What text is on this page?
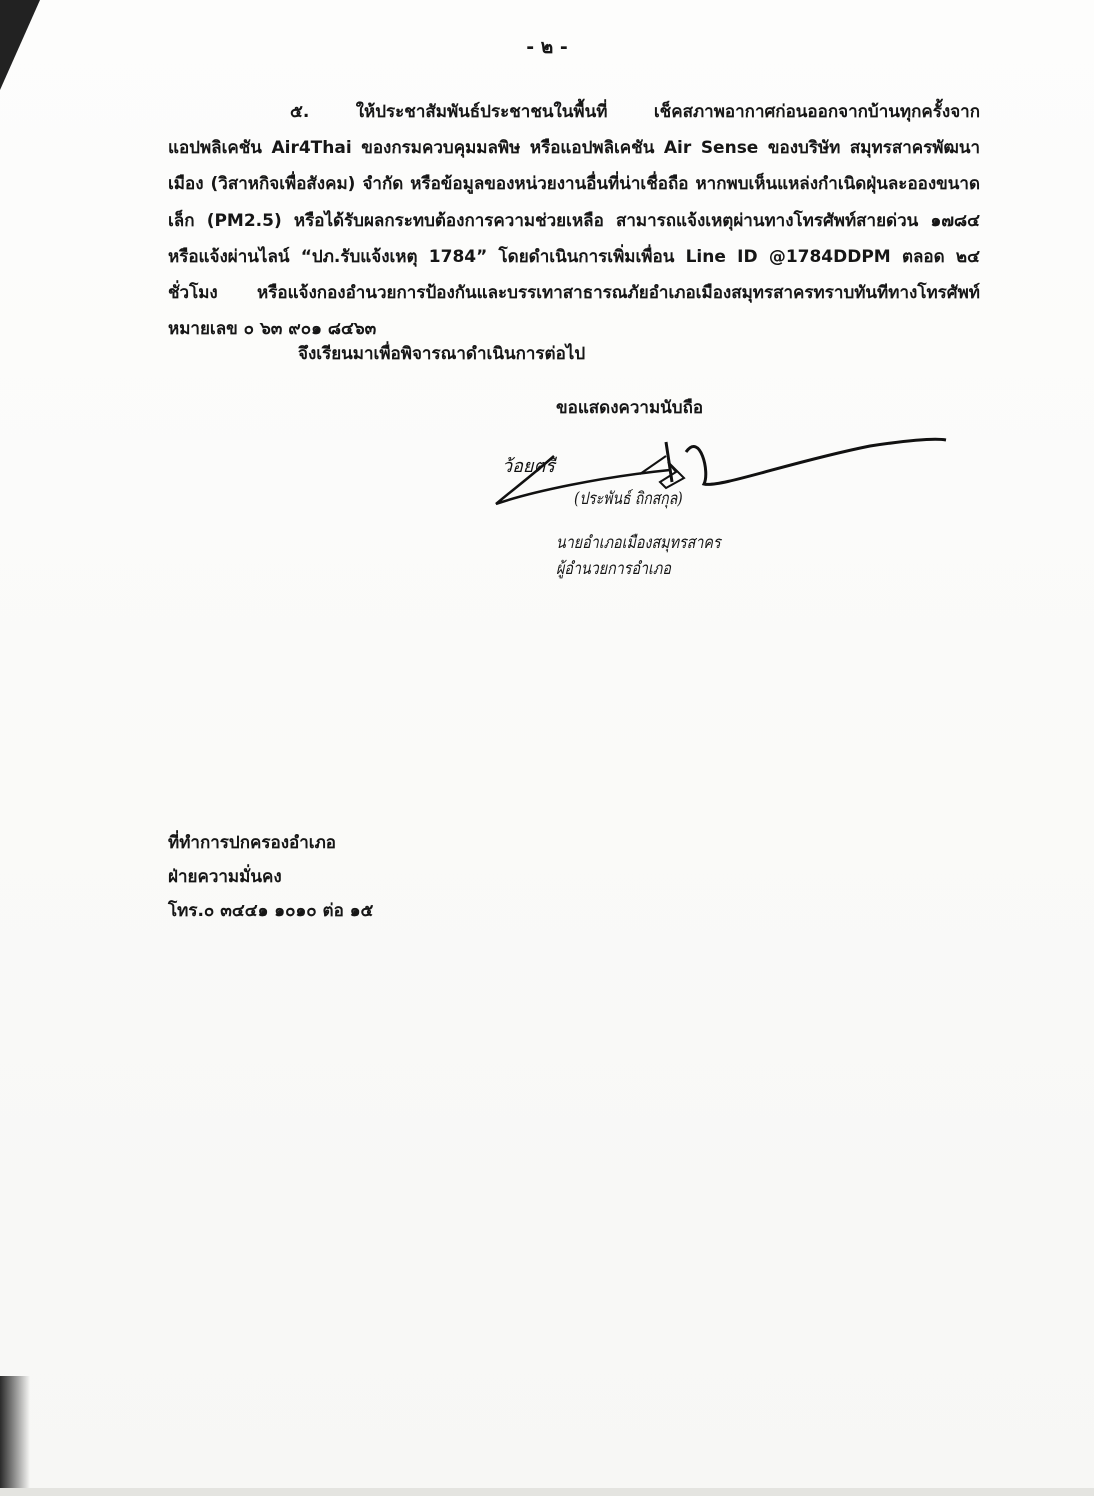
- ๒ -
๕. ให้ประชาสัมพันธ์ประชาชนในพื้นที่ เช็คสภาพอากาศก่อนออกจากบ้านทุกครั้งจากแอปพลิเคชัน Air4Thai ของกรมควบคุมมลพิษ หรือแอปพลิเคชัน Air Sense ของบริษัท สมุทรสาครพัฒนาเมือง (วิสาหกิจเพื่อสังคม) จำกัด หรือข้อมูลของหน่วยงานอื่นที่น่าเชื่อถือ หากพบเห็นแหล่งกำเนิดฝุ่นละอองขนาดเล็ก (PM2.5) หรือได้รับผลกระทบต้องการความช่วยเหลือ สามารถแจ้งเหตุผ่านทางโทรศัพท์สายด่วน ๑๗๘๔ หรือแจ้งผ่านไลน์ “ปภ.รับแจ้งเหตุ 1784” โดยดำเนินการเพิ่มเพื่อน Line ID @1784DDPM ตลอด ๒๔ ชั่วโมง หรือแจ้งกองอำนวยการป้องกันและบรรเทาสาธารณภัยอำเภอเมืองสมุทรสาครทราบทันทีทางโทรศัพท์ หมายเลข ๐ ๖๓ ๙๐๑ ๘๔๖๓
จึงเรียนมาเพื่อพิจารณาดำเนินการต่อไป
ขอแสดงความนับถือ
ว้อยตรี
(ประพันธ์ ถิกสกุล)
นายอำเภอเมืองสมุทรสาคร
ผู้อำนวยการอำเภอ
ที่ทำการปกครองอำเภอ
ฝ่ายความมั่นคง
โทร.๐ ๓๔๔๑ ๑๐๑๐ ต่อ ๑๕
